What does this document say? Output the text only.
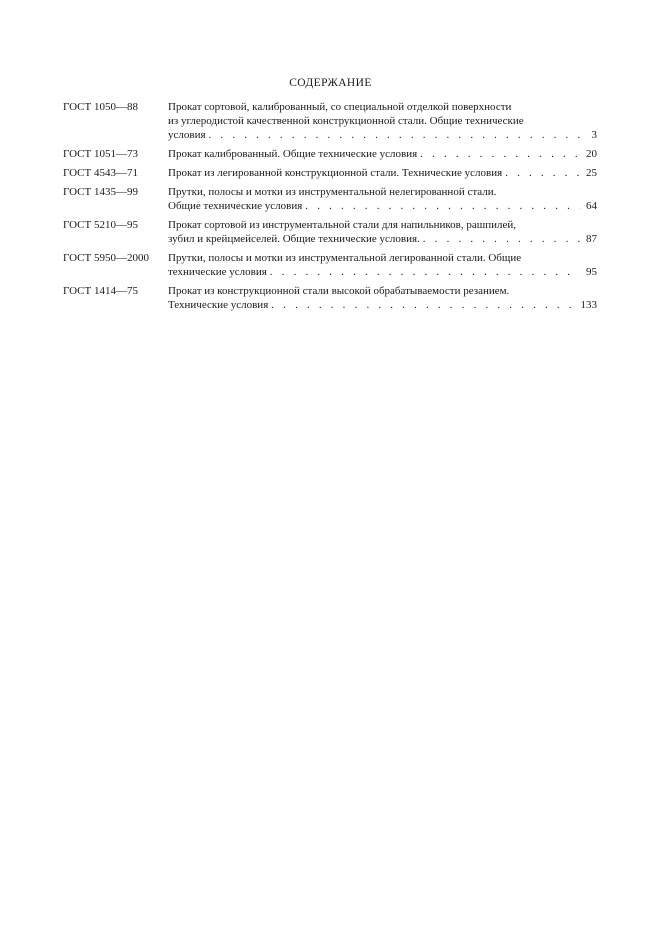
СОДЕРЖАНИЕ
ГОСТ 1050—88	Прокат сортовой, калиброванный, со специальной отделкой поверхности
из углеродистой качественной конструкционной стали. Общие технические
условия . . .	3
ГОСТ 1051—73	Прокат калиброванный. Общие технические условия . . .	20
ГОСТ 4543—71	Прокат из легированной конструкционной стали. Технические условия . . .	25
ГОСТ 1435—99	Прутки, полосы и мотки из инструментальной нелегированной стали.
Общие технические условия . . .	64
ГОСТ 5210—95	Прокат сортовой из инструментальной стали для напильников, рашпилей,
зубил и крейцмейселей. Общие технические условия. . . .	87
ГОСТ 5950—2000	Прутки, полосы и мотки из инструментальной легированной стали. Общие
технические условия . . .	95
ГОСТ 1414—75	Прокат из конструкционной стали высокой обрабатываемости резанием.
Технические условия . . .	133
